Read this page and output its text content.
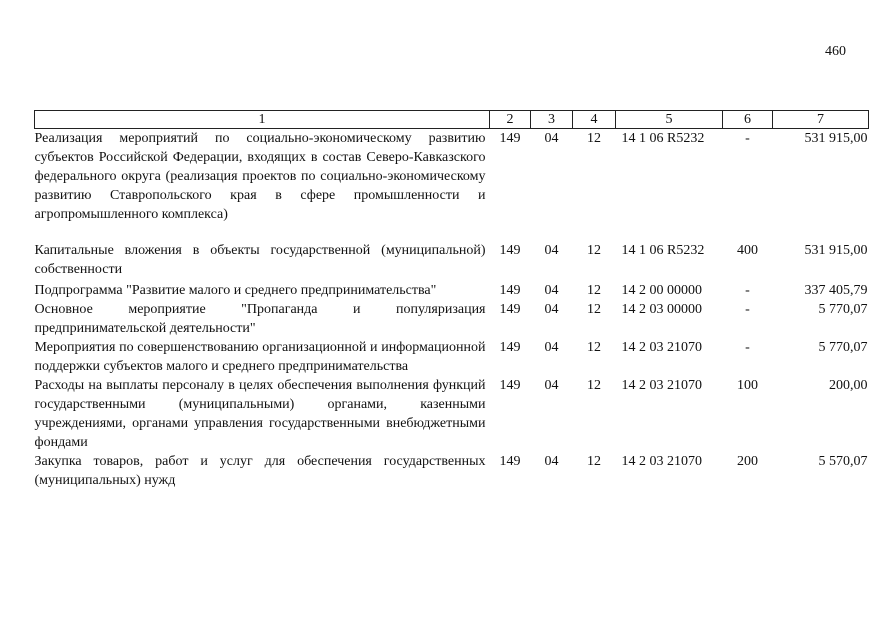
460
1	2	3	4	5	6	7
Реализация мероприятий по социально-экономическому развитию субъектов Российской Федерации, входящих в состав Северо-Кавказского федерального округа (реализация проектов по социально-экономическому развитию Ставропольского края в сфере промышленности и агропромышленного комплекса)	149	04	12	14 1 06 R5232	-	531 915,00
Капитальные вложения в объекты государственной (муниципальной) собственности	149	04	12	14 1 06 R5232	400	531 915,00
Подпрограмма "Развитие малого и среднего предпринимательства"	149	04	12	14 2 00 00000	-	337 405,79
Основное мероприятие "Пропаганда и популяризация предпринимательской деятельности"	149	04	12	14 2 03 00000	-	5 770,07
Мероприятия по совершенствованию организационной и информационной поддержки субъектов малого и среднего предпринимательства	149	04	12	14 2 03 21070	-	5 770,07
Расходы на выплаты персоналу в целях обеспечения выполнения функций государственными (муниципальными) органами, казенными учреждениями, органами управления государственными внебюджетными фондами	149	04	12	14 2 03 21070	100	200,00
Закупка товаров, работ и услуг для обеспечения государственных (муниципальных) нужд	149	04	12	14 2 03 21070	200	5 570,07
